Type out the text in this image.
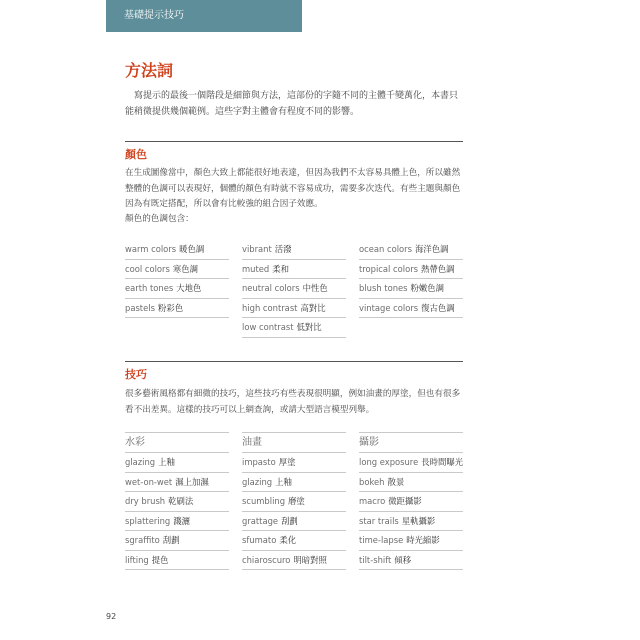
基礎提示技巧
方法詞

寫提示的最後一個階段是細節與方法，這部份的字隨不同的主體千變萬化，本書只能稍微提供幾個範例。這些字對主體會有程度不同的影響。

顏色

在生成圖像當中，顏色大致上都能很好地表達，但因為我們不太容易具體上色，所以雖然整體的色調可以表現好，個體的顏色有時就不容易成功，需要多次迭代。有些主題與顏色因為有既定搭配，所以會有比較強的組合因子效應。

顏色的色調包含：

warm colors 暖色調
cool colors 寒色調
earth tones 大地色
pastels 粉彩色
vibrant 活潑
muted 柔和
neutral colors 中性色
high contrast 高對比
low contrast 低對比
ocean colors 海洋色調
tropical colors 熱帶色調
blush tones 粉嫩色調
vintage colors 復古色調
技巧

很多藝術風格都有細微的技巧，這些技巧有些表現很明顯，例如油畫的厚塗，但也有很多看不出差異。這樣的技巧可以上網查詢，或請大型語言模型列舉。

水彩
glazing 上釉
wet-on-wet 濕上加濕
dry brush 乾刷法
splattering 濺灑
sgraffito 刮劃
lifting 提色
油畫
impasto 厚塗
glazing 上釉
scumbling 磨塗
grattage 刮劃
sfumato 柔化
chiaroscuro 明暗對照
攝影
long exposure 長時間曝光
bokeh 散景
macro 微距攝影
star trails 星軌攝影
time-lapse 時光縮影
tilt-shift 傾移
92
